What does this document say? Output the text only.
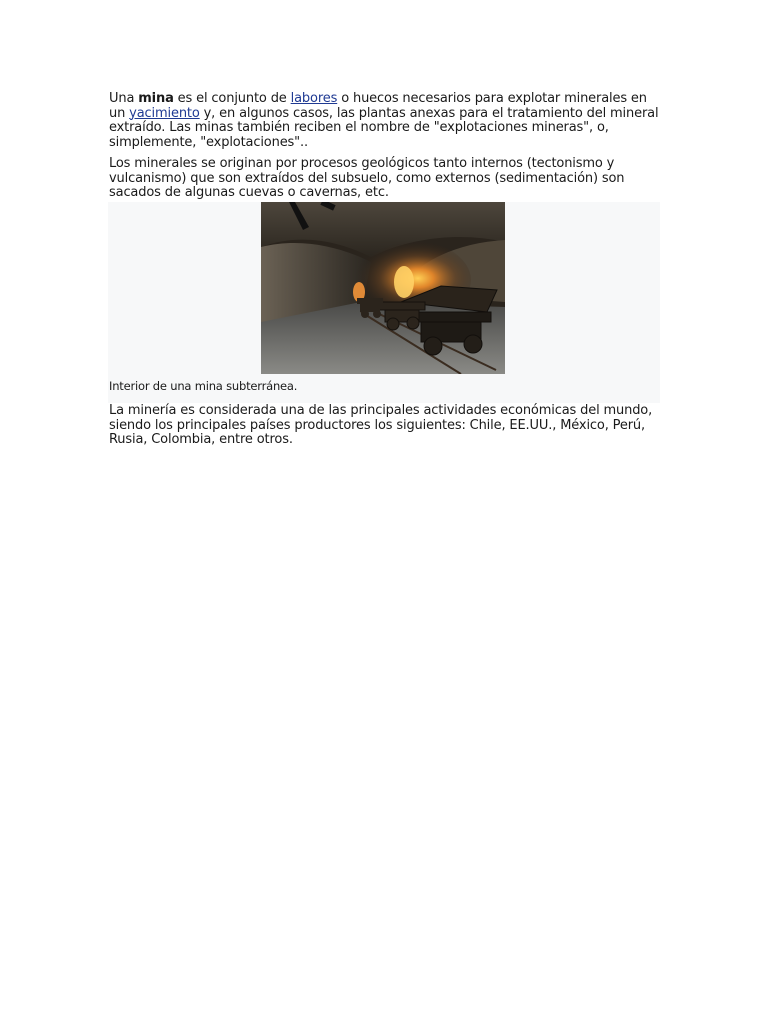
Una mina es el conjunto de labores o huecos necesarios para explotar minerales en un yacimiento y, en algunos casos, las plantas anexas para el tratamiento del mineral extraído. Las minas también reciben el nombre de "explotaciones mineras", o, simplemente, "explotaciones"..

Los minerales se originan por procesos geológicos tanto internos (tectonismo y vulcanismo) que son extraídos del subsuelo, como externos (sedimentación) son sacados de algunas cuevas o cavernas, etc.

Interior de una mina subterránea.

La minería es considerada una de las principales actividades económicas del mundo, siendo los principales países productores los siguientes: Chile, EE.UU., México, Perú, Rusia, Colombia, entre otros.
